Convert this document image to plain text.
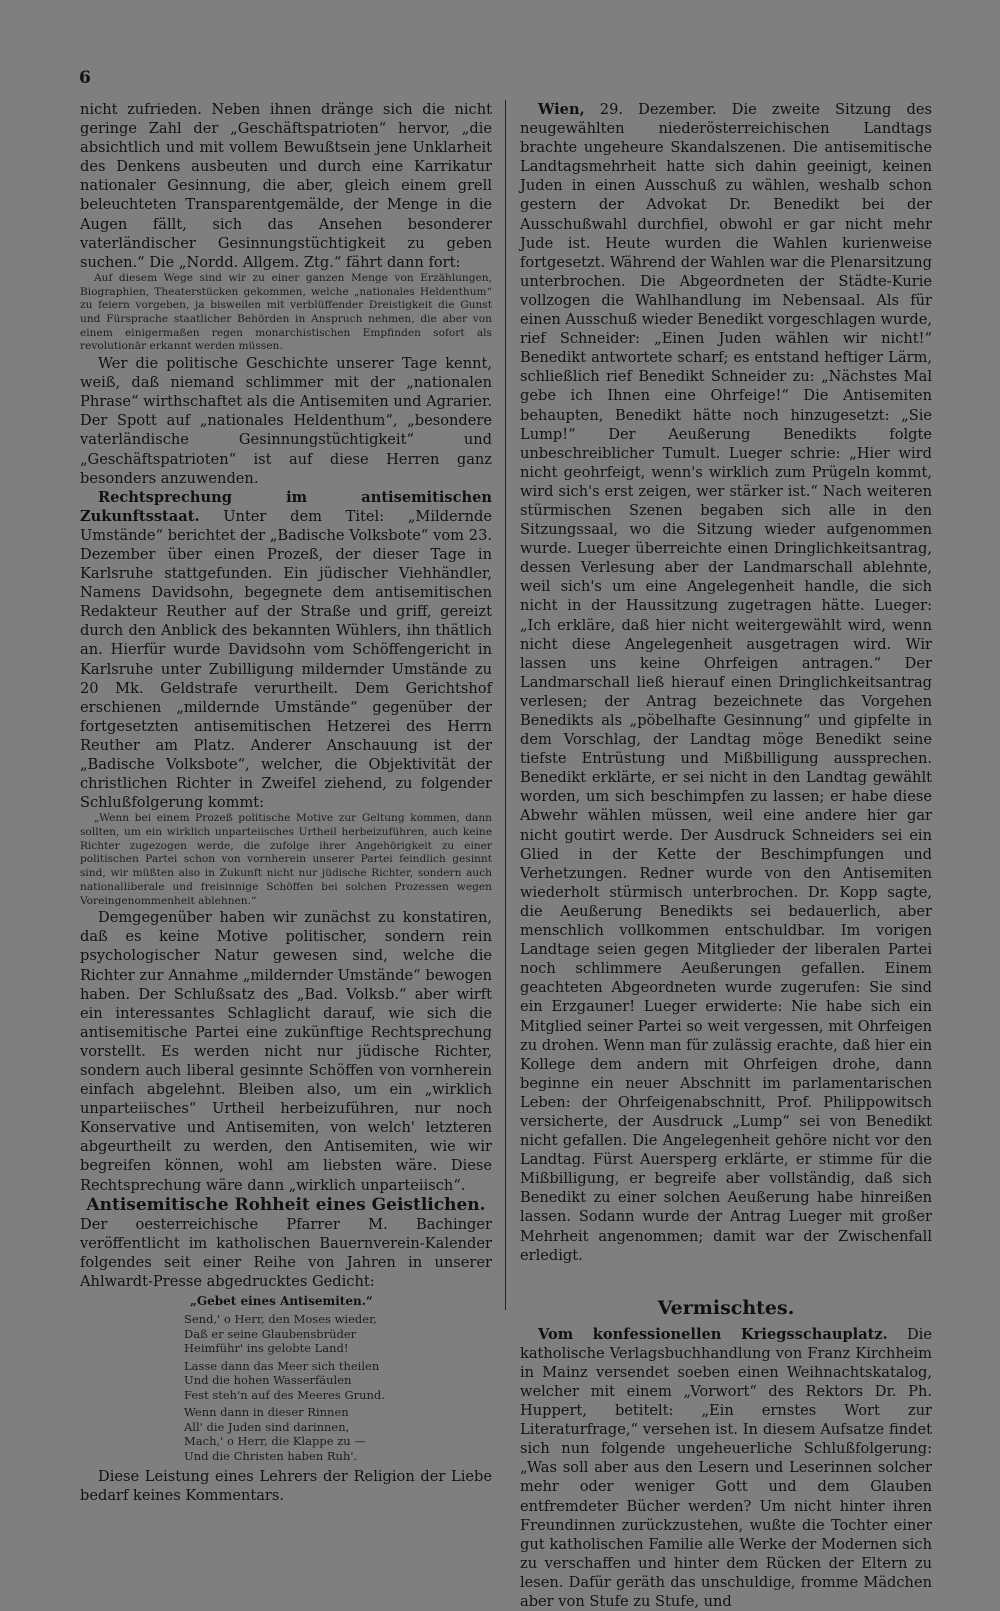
6

nicht zufrieden. Neben ihnen dränge sich die nicht geringe Zahl der „Geschäftspatrioten“ hervor, „die absichtlich und mit vollem Bewußtsein jene Unklarheit des Denkens ausbeuten und durch eine Karrikatur nationaler Gesinnung, die aber, gleich einem grell beleuchteten Transparentgemälde, der Menge in die Augen fällt, sich das Ansehen besonderer vaterländischer Gesinnungstüchtigkeit zu geben suchen.“ Die „Nordd. Allgem. Ztg.“ fährt dann fort:

Auf diesem Wege sind wir zu einer ganzen Menge von Erzählungen, Biographien, Theaterstücken gekommen, welche „nationales Heldenthum“ zu feiern vorgeben, ja bisweilen mit verblüffender Dreistigkeit die Gunst und Fürsprache staatlicher Behörden in Anspruch nehmen, die aber von einem einigermaßen regen monarchistischen Empfinden sofort als revolutionär erkannt werden müssen.

Wer die politische Geschichte unserer Tage kennt, weiß, daß niemand schlimmer mit der „nationalen Phrase“ wirthschaftet als die Antisemiten und Agrarier. Der Spott auf „nationales Heldenthum“, „besondere vaterländische Gesinnungstüchtigkeit“ und „Geschäftspatrioten“ ist auf diese Herren ganz besonders anzuwenden.

Rechtsprechung im antisemitischen Zukunftsstaat. Unter dem Titel: „Mildernde Umstände“ berichtet der „Badische Volksbote“ vom 23. Dezember über einen Prozeß, der dieser Tage in Karlsruhe stattgefunden. Ein jüdischer Viehhändler, Namens Davidsohn, begegnete dem antisemitischen Redakteur Reuther auf der Straße und griff, gereizt durch den Anblick des bekannten Wühlers, ihn thätlich an. Hierfür wurde Davidsohn vom Schöffengericht in Karlsruhe unter Zubilligung mildernder Umstände zu 20 Mk. Geldstrafe verurtheilt. Dem Gerichtshof erschienen „mildernde Umstände“ gegenüber der fortgesetzten antisemitischen Hetzerei des Herrn Reuther am Platz. Anderer Anschauung ist der „Badische Volksbote“, welcher, die Objektivität der christlichen Richter in Zweifel ziehend, zu folgender Schlußfolgerung kommt:

„Wenn bei einem Prozeß politische Motive zur Geltung kommen, dann sollten, um ein wirklich unparteiisches Urtheil herbeizuführen, auch keine Richter zugezogen werde, die zufolge ihrer Angehörigkeit zu einer politischen Partei schon von vornherein unserer Partei feindlich gesinnt sind, wir müßten also in Zukunft nicht nur jüdische Richter, sondern auch nationalliberale und freisinnige Schöffen bei solchen Prozessen wegen Voreingenommenheit ablehnen.“

Demgegenüber haben wir zunächst zu konstatiren, daß es keine Motive politischer, sondern rein psychologischer Natur gewesen sind, welche die Richter zur Annahme „mildernder Umstände“ bewogen haben. Der Schlußsatz des „Bad. Volksb.“ aber wirft ein interessantes Schlaglicht darauf, wie sich die antisemitische Partei eine zukünftige Rechtsprechung vorstellt. Es werden nicht nur jüdische Richter, sondern auch liberal gesinnte Schöffen von vornherein einfach abgelehnt. Bleiben also, um ein „wirklich unparteiisches“ Urtheil herbeizuführen, nur noch Konservative und Antisemiten, von welch' letzteren abgeurtheilt zu werden, den Antisemiten, wie wir begreifen können, wohl am liebsten wäre. Diese Rechtsprechung wäre dann „wirklich unparteiisch“.

Antisemitische Rohheit eines Geistlichen.

Der oesterreichische Pfarrer M. Bachinger veröffentlicht im katholischen Bauernverein-Kalender folgendes seit einer Reihe von Jahren in unserer Ahlwardt-Presse abgedrucktes Gedicht:

„Gebet eines Antisemiten.“
Send,' o Herr, den Moses wieder,
Daß er seine Glaubensbrüder
Heimführ' ins gelobte Land!
Lasse dann das Meer sich theilen
Und die hohen Wasserfäulen
Fest steh'n auf des Meeres Grund.
Wenn dann in dieser Rinnen
All' die Juden sind darinnen,
Mach,' o Herr, die Klappe zu —
Und die Christen haben Ruh'.

Diese Leistung eines Lehrers der Religion der Liebe bedarf keines Kommentars.

Wien, 29. Dezember. Die zweite Sitzung des neugewählten niederösterreichischen Landtags brachte ungeheure Skandalszenen. Die antisemitische Landtagsmehrheit hatte sich dahin geeinigt, keinen Juden in einen Ausschuß zu wählen, weshalb schon gestern der Advokat Dr. Benedikt bei der Ausschußwahl durchfiel, obwohl er gar nicht mehr Jude ist. Heute wurden die Wahlen kurienweise fortgesetzt. Während der Wahlen war die Plenarsitzung unterbrochen. Die Abgeordneten der Städte-Kurie vollzogen die Wahlhandlung im Nebensaal. Als für einen Ausschuß wieder Benedikt vorgeschlagen wurde, rief Schneider: „Einen Juden wählen wir nicht!“ Benedikt antwortete scharf; es entstand heftiger Lärm, schließlich rief Benedikt Schneider zu: „Nächstes Mal gebe ich Ihnen eine Ohrfeige!“ Die Antisemiten behaupten, Benedikt hätte noch hinzugesetzt: „Sie Lump!“ Der Aeußerung Benedikts folgte unbeschreiblicher Tumult. Lueger schrie: „Hier wird nicht geohrfeigt, wenn's wirklich zum Prügeln kommt, wird sich's erst zeigen, wer stärker ist.“ Nach weiteren stürmischen Szenen begaben sich alle in den Sitzungssaal, wo die Sitzung wieder aufgenommen wurde. Lueger überreichte einen Dringlichkeitsantrag, dessen Verlesung aber der Landmarschall ablehnte, weil sich's um eine Angelegenheit handle, die sich nicht in der Haussitzung zugetragen hätte. Lueger: „Ich erkläre, daß hier nicht weitergewählt wird, wenn nicht diese Angelegenheit ausgetragen wird. Wir lassen uns keine Ohrfeigen antragen.“ Der Landmarschall ließ hierauf einen Dringlichkeitsantrag verlesen; der Antrag bezeichnete das Vorgehen Benedikts als „pöbelhafte Gesinnung“ und gipfelte in dem Vorschlag, der Landtag möge Benedikt seine tiefste Entrüstung und Mißbilligung aussprechen. Benedikt erklärte, er sei nicht in den Landtag gewählt worden, um sich beschimpfen zu lassen; er habe diese Abwehr wählen müssen, weil eine andere hier gar nicht goutirt werde. Der Ausdruck Schneiders sei ein Glied in der Kette der Beschimpfungen und Verhetzungen. Redner wurde von den Antisemiten wiederholt stürmisch unterbrochen. Dr. Kopp sagte, die Aeußerung Benedikts sei bedauerlich, aber menschlich vollkommen entschuldbar. Im vorigen Landtage seien gegen Mitglieder der liberalen Partei noch schlimmere Aeußerungen gefallen. Einem geachteten Abgeordneten wurde zugerufen: Sie sind ein Erzgauner! Lueger erwiderte: Nie habe sich ein Mitglied seiner Partei so weit vergessen, mit Ohrfeigen zu drohen. Wenn man für zulässig erachte, daß hier ein Kollege dem andern mit Ohrfeigen drohe, dann beginne ein neuer Abschnitt im parlamentarischen Leben: der Ohrfeigenabschnitt, Prof. Philippowitsch versicherte, der Ausdruck „Lump“ sei von Benedikt nicht gefallen. Die Angelegenheit gehöre nicht vor den Landtag. Fürst Auersperg erklärte, er stimme für die Mißbilligung, er begreife aber vollständig, daß sich Benedikt zu einer solchen Aeußerung habe hinreißen lassen. Sodann wurde der Antrag Lueger mit großer Mehrheit angenommen; damit war der Zwischenfall erledigt.

Vermischtes.

Vom konfessionellen Kriegsschauplatz. Die katholische Verlagsbuchhandlung von Franz Kirchheim in Mainz versendet soeben einen Weihnachtskatalog, welcher mit einem „Vorwort“ des Rektors Dr. Ph. Huppert, betitelt: „Ein ernstes Wort zur Literaturfrage,“ versehen ist. In diesem Aufsatze findet sich nun folgende ungeheuerliche Schlußfolgerung: „Was soll aber aus den Lesern und Leserinnen solcher mehr oder weniger Gott und dem Glauben entfremdeter Bücher werden? Um nicht hinter ihren Freundinnen zurückzustehen, wußte die Tochter einer gut katholischen Familie alle Werke der Modernen sich zu verschaffen und hinter dem Rücken der Eltern zu lesen. Dafür geräth das unschuldige, fromme Mädchen aber von Stufe zu Stufe, und
